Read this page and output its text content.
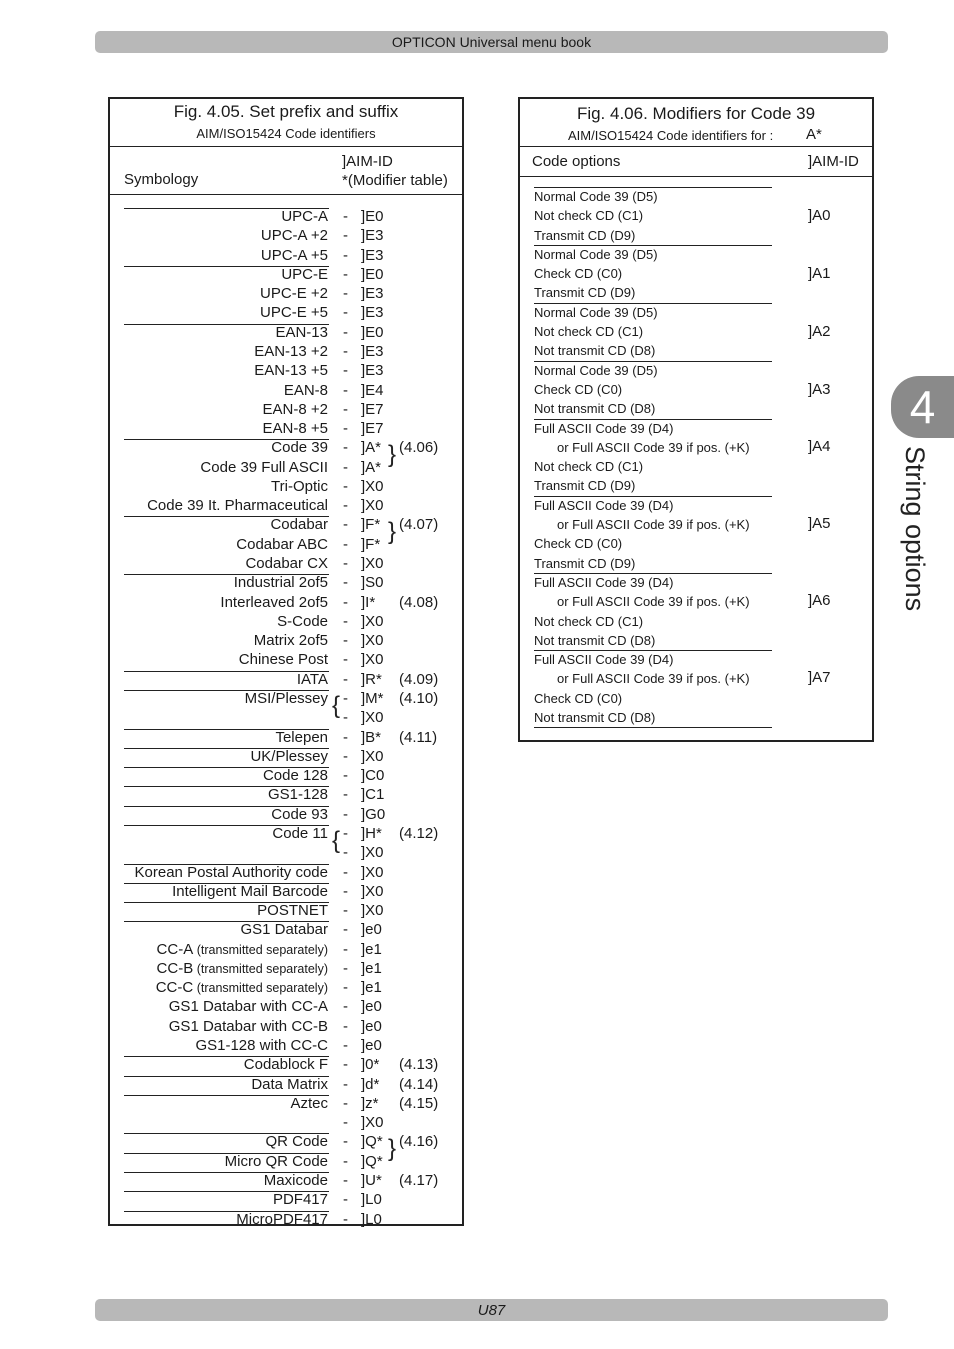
OPTICON Universal menu book
4
String options
Fig. 4.05. Set prefix and suffix
AIM/ISO15424 Code identifiers
Symbology
]AIM-ID
*(Modifier table)
UPC-A - ]E0
UPC-A +2 - ]E3
UPC-A +5 - ]E3
UPC-E - ]E0
UPC-E +2 - ]E3
UPC-E +5 - ]E3
EAN-13 - ]E0
EAN-13 +2 - ]E3
EAN-13 +5 - ]E3
EAN-8 - ]E4
EAN-8 +2 - ]E7
EAN-8 +5 - ]E7
Code 39 - ]A* (4.06)
Code 39 Full ASCII - ]A*
Tri-Optic - ]X0
Code 39 It. Pharmaceutical - ]X0
Codabar - ]F* (4.07)
Codabar ABC - ]F*
Codabar CX - ]X0
Industrial 2of5 - ]S0
Interleaved 2of5 - ]I* (4.08)
S-Code - ]X0
Matrix 2of5 - ]X0
Chinese Post - ]X0
IATA - ]R* (4.09)
MSI/Plessey - ]M* (4.10)
- ]X0
Telepen - ]B* (4.11)
UK/Plessey - ]X0
Code 128 - ]C0
GS1-128 - ]C1
Code 93 - ]G0
Code 11 - ]H* (4.12)
- ]X0
Korean Postal Authority code - ]X0
Intelligent Mail Barcode - ]X0
POSTNET - ]X0
GS1 Databar - ]e0
CC-A (transmitted separately) - ]e1
CC-B (transmitted separately) - ]e1
CC-C (transmitted separately) - ]e1
GS1 Databar with CC-A - ]e0
GS1 Databar with CC-B - ]e0
GS1-128 with CC-C - ]e0
Codablock F - ]0* (4.13)
Data Matrix - ]d* (4.14)
Aztec - ]z* (4.15)
- ]X0
QR Code - ]Q* (4.16)
Micro QR Code - ]Q*
Maxicode - ]U* (4.17)
PDF417 - ]L0
MicroPDF417 - ]L0
}
}
{
{
}
Fig. 4.06. Modifiers for Code 39
AIM/ISO15424 Code identifiers for : A*
Code options	]AIM-ID
Normal Code 39 (D5)
Not check CD (C1)
Transmit CD (D9)
]A0
Normal Code 39 (D5)
Check CD (C0)
Transmit CD (D9)
]A1
Normal Code 39 (D5)
Not check CD (C1)
Not transmit CD (D8)
]A2
Normal Code 39 (D5)
Check CD (C0)
Not transmit CD (D8)
]A3
Full ASCII Code 39 (D4)
or Full ASCII Code 39 if pos. (+K)
Not check CD (C1)
Transmit CD (D9)
]A4
Full ASCII Code 39 (D4)
or Full ASCII Code 39 if pos. (+K)
Check CD (C0)
Transmit CD (D9)
]A5
Full ASCII Code 39 (D4)
or Full ASCII Code 39 if pos. (+K)
Not check CD (C1)
Not transmit CD (D8)
]A6
Full ASCII Code 39 (D4)
or Full ASCII Code 39 if pos. (+K)
Check CD (C0)
Not transmit CD (D8)
]A7
U87
